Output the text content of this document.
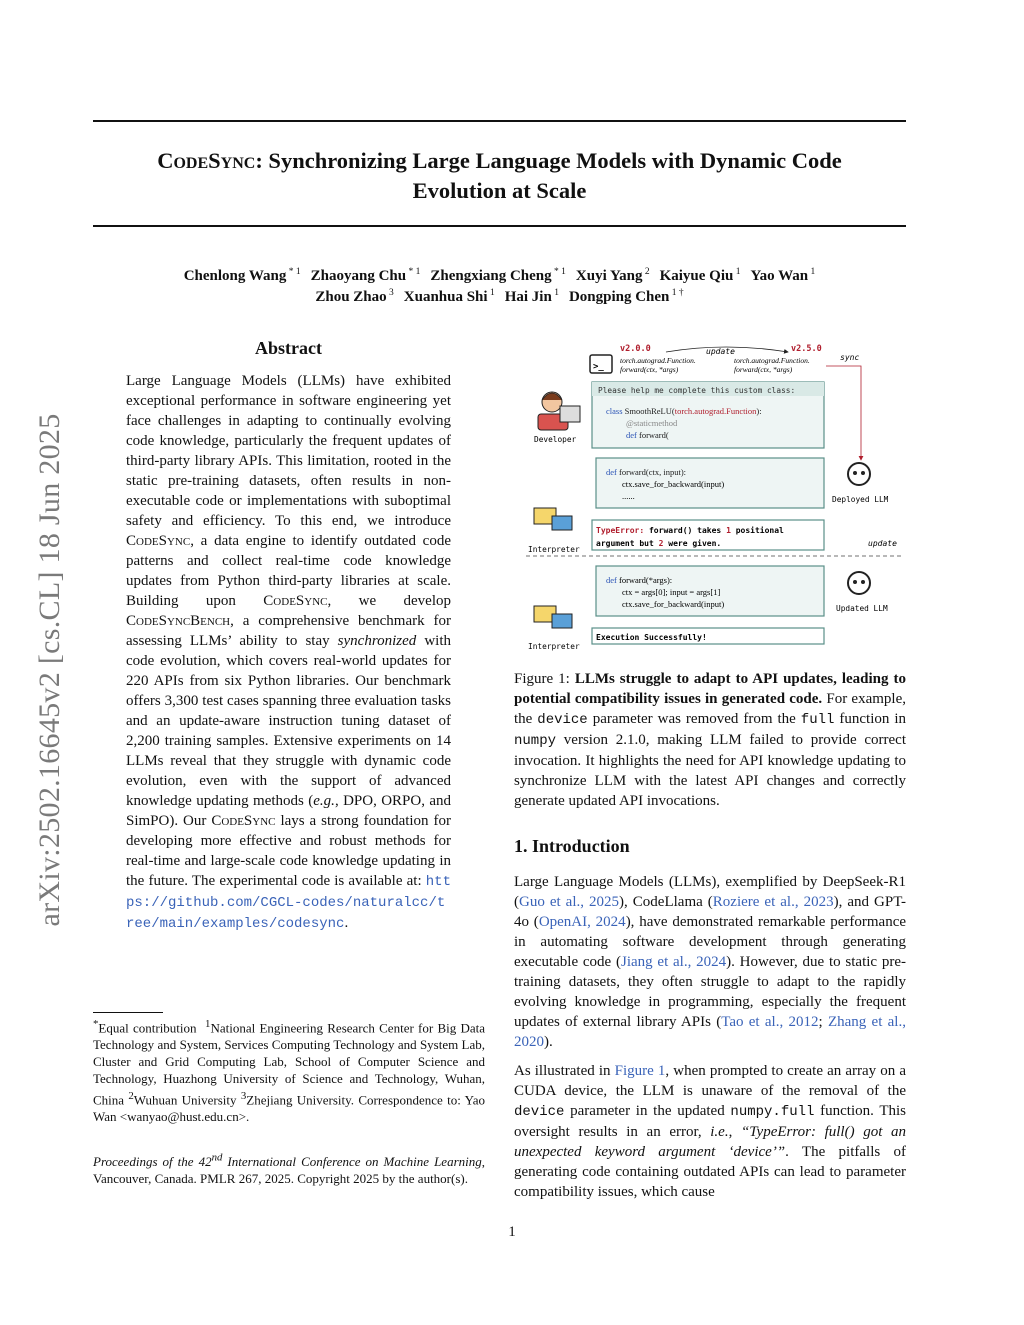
CodeSync: Synchronizing Large Language Models with Dynamic Code
Evolution at Scale
Chenlong Wang $^{* 1}$ Zhaoyang Chu $^{* 1}$ Zhengxiang Cheng $^{* 1}$ Xuyi Yang $^2$ Kaiyue Qiu $^1$ Yao Wan $^1$
Zhou Zhao $^3$ Xuanhua Shi $^1$ Hai Jin $^1$ Dongping Chen $^{1 \dagger}$
arXiv:2502.16645v2 [cs.CL] 18 Jun 2025
Abstract
Large Language Models (LLMs) have exhibited exceptional performance in software engineering yet face challenges in adapting to continually evolving code knowledge, particularly the frequent updates of third-party library APIs. This limitation, rooted in the static pre-training datasets, often results in non-executable code or implementations with suboptimal safety and efficiency. To this end, we introduce CodeSync, a data engine to identify outdated code patterns and collect real-time code knowledge updates from Python third-party libraries at scale. Building upon CodeSync, we develop CodeSyncBench, a comprehensive benchmark for assessing LLMs’ ability to stay synchronized with code evolution, which covers real-world updates for 220 APIs from six Python libraries. Our benchmark offers 3,300 test cases spanning three evaluation tasks and an update-aware instruction tuning dataset of 2,200 training samples. Extensive experiments on 14 LLMs reveal that they struggle with dynamic code evolution, even with the support of advanced knowledge updating methods (e.g., DPO, ORPO, and SimPO). Our CodeSync lays a strong foundation for developing more effective and robust methods for real-time and large-scale code knowledge updating in the future. The experimental code is available at: https://github.com/CGCL-codes/naturalcc/tree/main/examples/codesync.
*Equal contribution $^1$National Engineering Research Center for Big Data Technology and System, Services Computing Technology and System Lab, Cluster and Grid Computing Lab, School of Computer Science and Technology, Huazhong University of Science and Technology, Wuhan, China $^2$Wuhuan University $^3$Zhejiang University. Correspondence to: Yao Wan <wanyao@hust.edu.cn>.
Proceedings of the 42nd International Conference on Machine Learning, Vancouver, Canada. PMLR 267, 2025. Copyright 2025 by the author(s).
v2.0.0	v2.5.0
update
>_
torch.autograd.Function.
forward(ctx, *args)
torch.autograd.Function.
forward(ctx, *args)
sync
Please help me complete this custom class:
class SmoothReLU(torch.autograd.Function):
@staticmethod
def forward(
Developer
def forward(ctx, input):
ctx.save_for_backward(input)
......	Deployed LLM
Interpreter
TypeError: forward() takes 1 positional
argument but 2 were given.	update
def forward(*args):
ctx = args[0]; input = args[1]
ctx.save_for_backward(input)	Updated LLM
Interpreter
Execution Successfully!
Figure 1: LLMs struggle to adapt to API updates, leading to potential compatibility issues in generated code. For example, the device parameter was removed from the full function in numpy version 2.1.0, making LLM failed to provide correct invocation. It highlights the need for API knowledge updating to synchronize LLM with the latest API changes and correctly generate updated API invocations.
1. Introduction
Large Language Models (LLMs), exemplified by DeepSeek-R1 (Guo et al., 2025), CodeLlama (Roziere et al., 2023), and GPT-4o (OpenAI, 2024), have demonstrated remarkable performance in automating software development through generating executable code (Jiang et al., 2024). However, due to static pre-training datasets, they often struggle to adapt to the rapidly evolving knowledge in programming, especially the frequent updates of external library APIs (Tao et al., 2012; Zhang et al., 2020).
As illustrated in Figure 1, when prompted to create an array on a CUDA device, the LLM is unaware of the removal of the device parameter in the updated numpy.full function. This oversight results in an error, i.e., “TypeError: full() got an unexpected keyword argument ‘device’”. The pitfalls of generating code containing outdated APIs can lead to parameter compatibility issues, which cause
1
